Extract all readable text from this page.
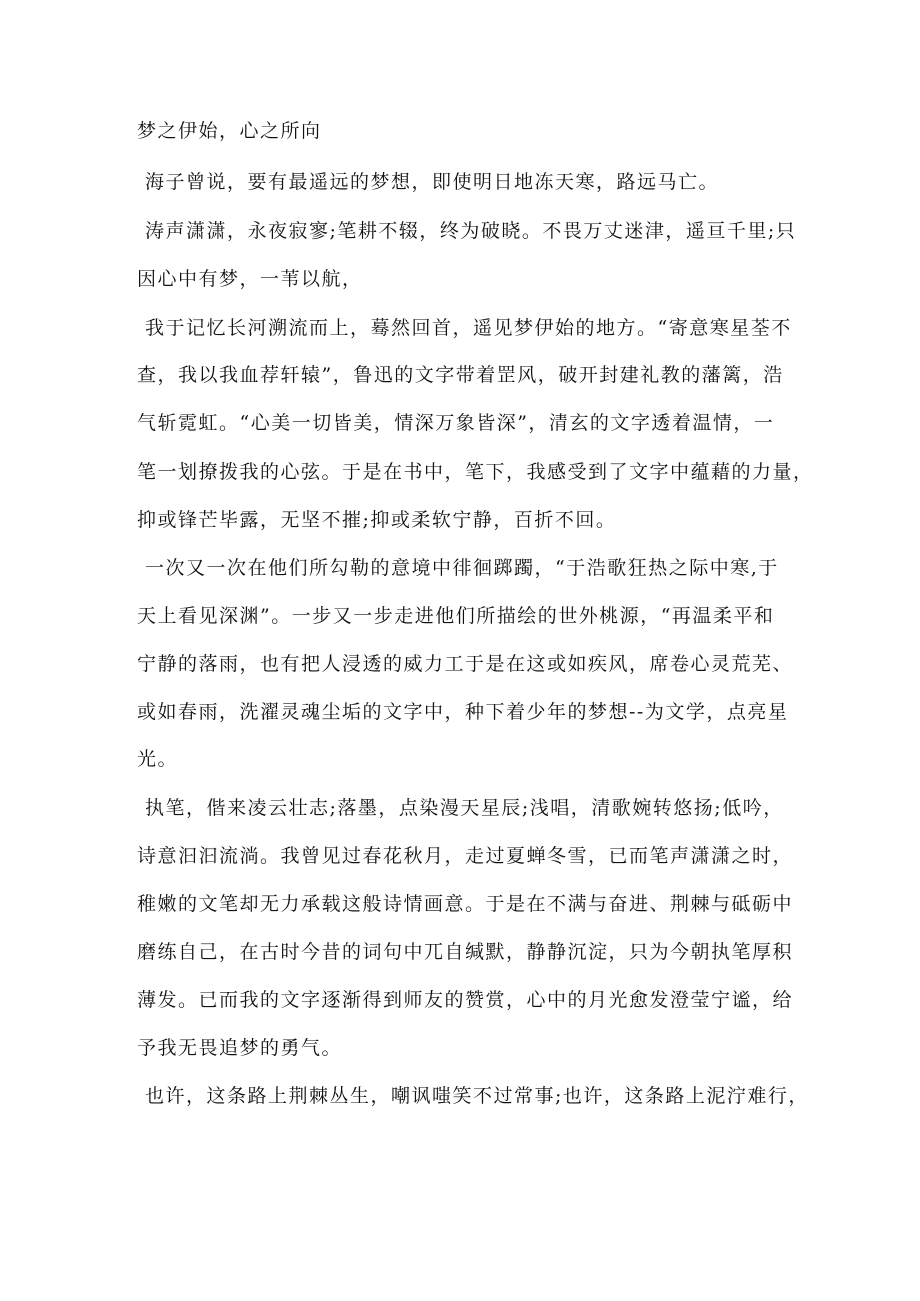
梦之伊始，心之所向
海子曾说，要有最遥远的梦想，即使明日地冻天寒，路远马亡。
涛声潇潇，永夜寂寥;笔耕不辍，终为破晓。不畏万丈迷津，遥亘千里;只
因心中有梦，一苇以航，
我于记忆长河溯流而上，蓦然回首，遥见梦伊始的地方。“寄意寒星荃不
查，我以我血荐轩辕”，鲁迅的文字带着罡风，破开封建礼教的藩篱，浩
气斩霓虹。“心美一切皆美，情深万象皆深”，清玄的文字透着温情，一
笔一划撩拨我的心弦。于是在书中，笔下，我感受到了文字中蕴藉的力量，
抑或锋芒毕露，无坚不摧;抑或柔软宁静，百折不回。
一次又一次在他们所勾勒的意境中徘徊踯躅，“于浩歌狂热之际中寒,于
天上看见深渊”。一步又一步走进他们所描绘的世外桃源，“再温柔平和
宁静的落雨，也有把人浸透的威力工于是在这或如疾风，席卷心灵荒芜、
或如春雨，洗濯灵魂尘垢的文字中，种下着少年的梦想--为文学，点亮星
光。
执笔，偕来凌云壮志;落墨，点染漫天星辰;浅唱，清歌婉转悠扬;低吟，
诗意汩汩流淌。我曾见过春花秋月，走过夏蝉冬雪，已而笔声潇潇之时，
稚嫩的文笔却无力承载这般诗情画意。于是在不满与奋进、荆棘与砥砺中
磨练自己，在古时今昔的词句中兀自缄默，静静沉淀，只为今朝执笔厚积
薄发。已而我的文字逐渐得到师友的赞赏，心中的月光愈发澄莹宁谧，给
予我无畏追梦的勇气。
也许，这条路上荆棘丛生，嘲讽嗤笑不过常事;也许，这条路上泥泞难行，
